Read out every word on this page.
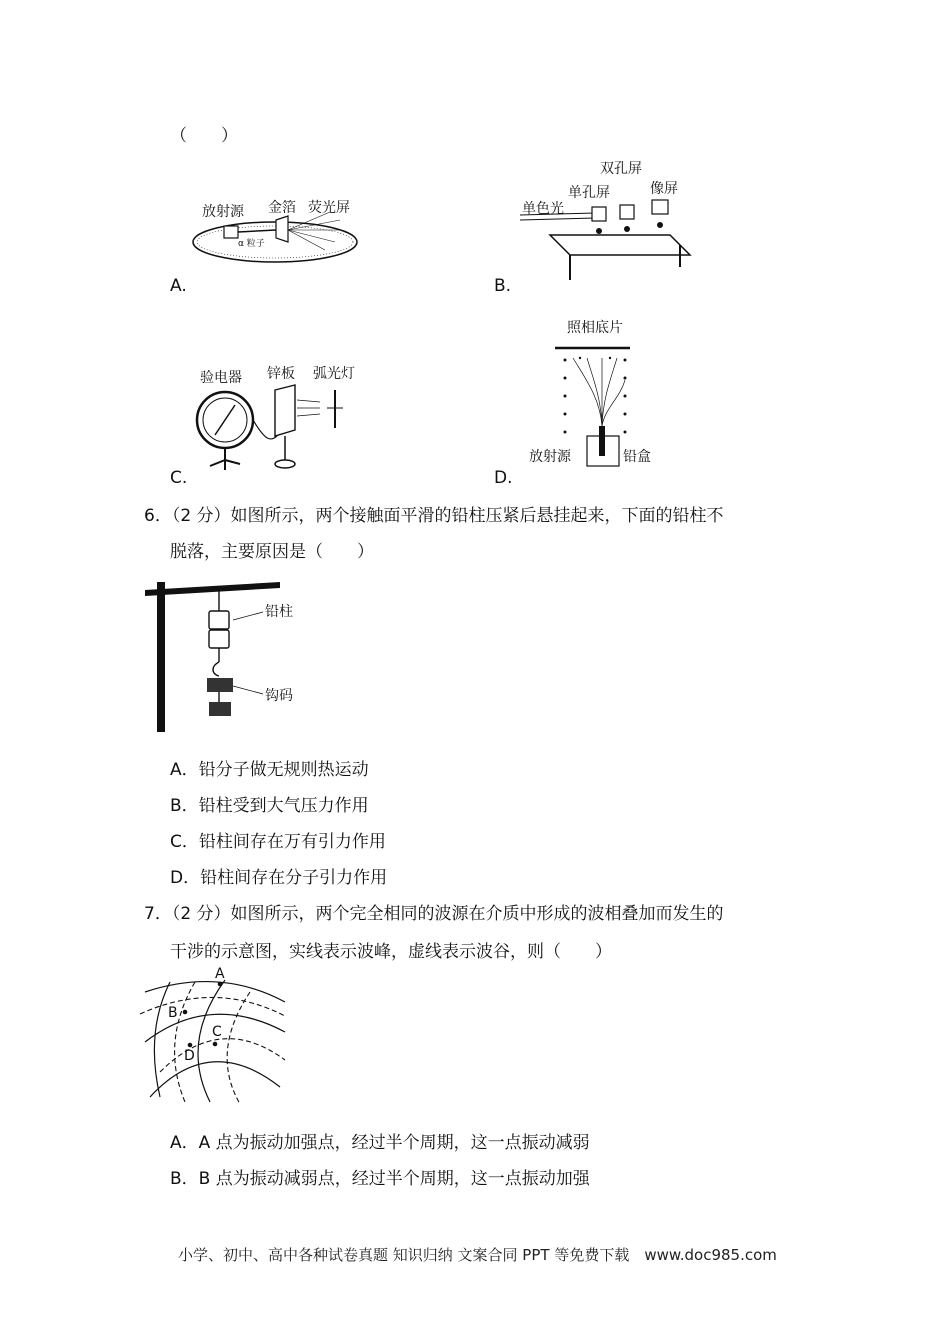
（　　）
放射源 金箔 荧光屏
α 粒子
A.
双孔屏
单孔屏	像屏
单色光
B.
验电器 锌板 弧光灯
C.
照相底片
放射源	铅盒
D.
6．（2 分）如图所示，两个接触面平滑的铅柱压紧后悬挂起来，下面的铅柱不
脱落，主要原因是（　　）
铅柱
钩码
A．铅分子做无规则热运动
B．铅柱受到大气压力作用
C．铅柱间存在万有引力作用
D．铅柱间存在分子引力作用
7．（2 分）如图所示，两个完全相同的波源在介质中形成的波相叠加而发生的
干涉的示意图，实线表示波峰，虚线表示波谷，则（　　）
A
B
C
D
A．A 点为振动加强点，经过半个周期，这一点振动减弱
B．B 点为振动减弱点，经过半个周期，这一点振动加强
小学、初中、高中各种试卷真题 知识归纳 文案合同 PPT 等免费下载　www.doc985.com
